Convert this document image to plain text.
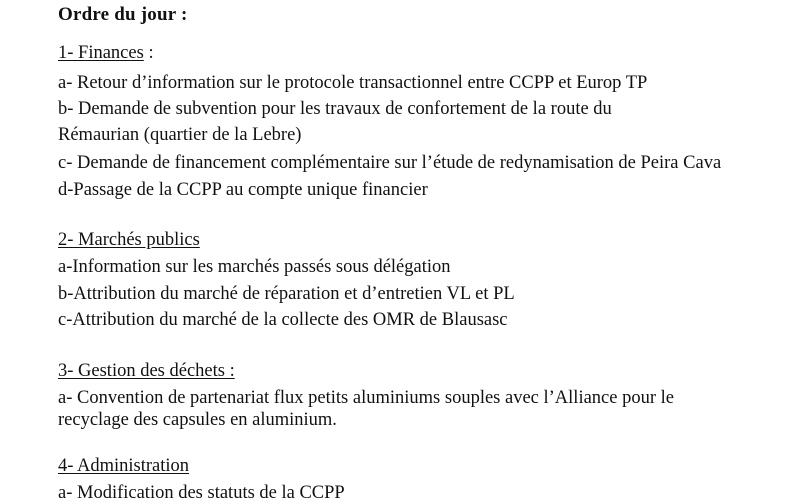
Ordre du jour :
1- Finances :
a- Retour d’information sur le protocole transactionnel entre CCPP et Europ TP
b- Demande de subvention pour les travaux de confortement de la route du
Rémaurian (quartier de la Lebre)
c- Demande de financement complémentaire sur l’étude de redynamisation de Peira Cava
d-Passage de la CCPP au compte unique financier
2- Marchés publics
a-Information sur les marchés passés sous délégation
b-Attribution du marché de réparation et d’entretien VL et PL
c-Attribution du marché de la collecte des OMR de Blausasc
3- Gestion des déchets :
a- Convention de partenariat flux petits aluminiums souples avec l’Alliance pour le
recyclage des capsules en aluminium.
4- Administration
a- Modification des statuts de la CCPP
